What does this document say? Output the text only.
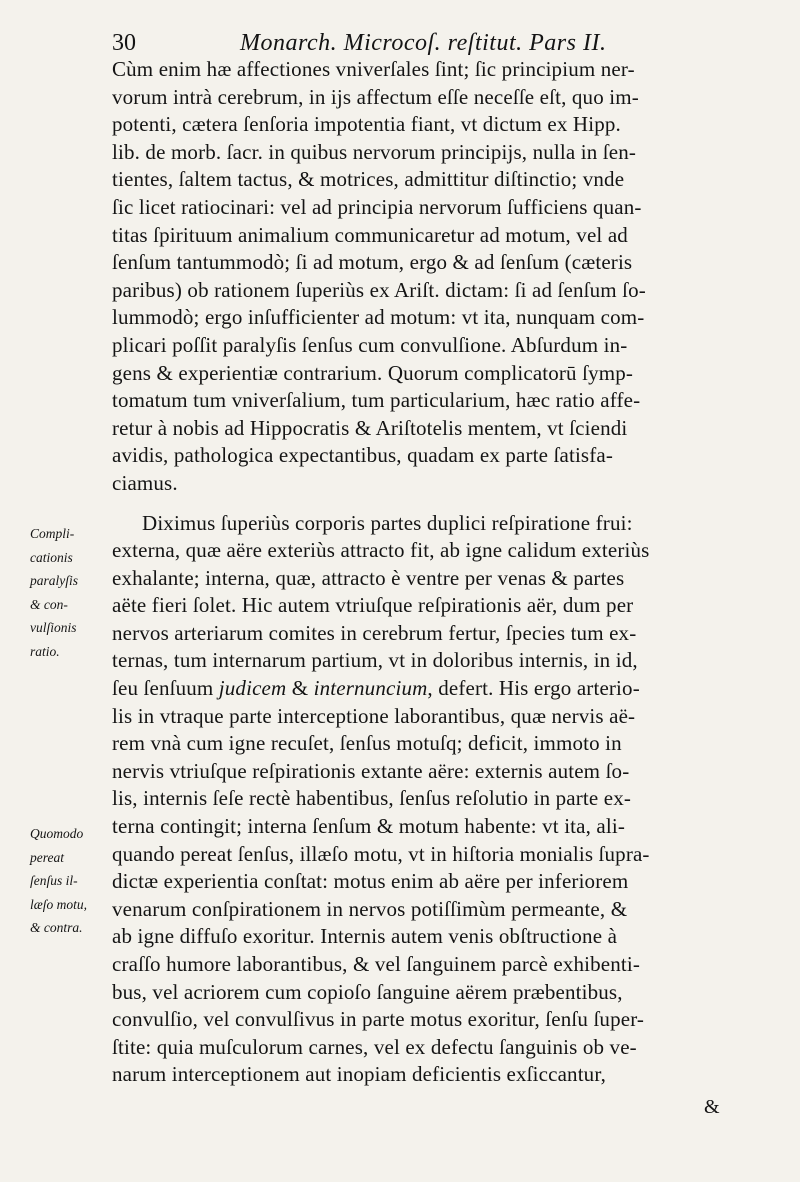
30	Monarch. Microcoſ. reſtitut. Pars II.
Cùm enim hæ affectiones vniverſales ſint; ſic principium ner-
vorum intrà cerebrum, in ijs affectum eſſe neceſſe eſt, quo im-
potenti, cætera ſenſoria impotentia fiant, vt dictum ex Hipp.
lib. de morb. ſacr. in quibus nervorum principijs, nulla in ſen-
tientes, ſaltem tactus, & motrices, admittitur diſtinctio; vnde
ſic licet ratiocinari: vel ad principia nervorum ſufficiens quan-
titas ſpirituum animalium communicaretur ad motum, vel ad
ſenſum tantummodò; ſi ad motum, ergo & ad ſenſum (cæteris
paribus) ob rationem ſuperiùs ex Ariſt. dictam: ſi ad ſenſum ſo-
lummodò; ergo inſufficienter ad motum: vt ita, nunquam com-
plicari poſſit paralyſis ſenſus cum convulſione. Abſurdum in-
gens & experientiæ contrarium. Quorum complicatorū ſymp-
tomatum tum vniverſalium, tum particularium, hæc ratio affe-
retur à nobis ad Hippocratis & Ariſtotelis mentem, vt ſciendi
avidis, pathologica expectantibus, quadam ex parte ſatisfa-
ciamus.
Diximus ſuperiùs corporis partes duplici reſpiratione frui:
externa, quæ aëre exteriùs attracto fit, ab igne calidum exteriùs
exhalante; interna, quæ, attracto è ventre per venas & partes
aëte fieri ſolet. Hic autem vtriuſque reſpirationis aër, dum per
nervos arteriarum comites in cerebrum fertur, ſpecies tum ex-
ternas, tum internarum partium, vt in doloribus internis, in id,
ſeu ſenſuum judicem & internuncium, defert. His ergo arterio-
lis in vtraque parte interceptione laborantibus, quæ nervis aë-
rem vnà cum igne recuſet, ſenſus motuſq; deficit, immoto in
nervis vtriuſque reſpirationis extante aëre: externis autem ſo-
lis, internis ſeſe rectè habentibus, ſenſus reſolutio in parte ex-
terna contingit; interna ſenſum & motum habente: vt ita, ali-
quando pereat ſenſus, illæſo motu, vt in hiſtoria monialis ſupra-
dictæ experientia conſtat: motus enim ab aëre per inferiorem
venarum conſpirationem in nervos potiſſimùm permeante, &
ab igne diffuſo exoritur. Internis autem venis obſtructione à
craſſo humore laborantibus, & vel ſanguinem parcè exhibenti-
bus, vel acriorem cum copioſo ſanguine aërem præbentibus,
convulſio, vel convulſivus in parte motus exoritur, ſenſu ſuper-
ſtite: quia muſculorum carnes, vel ex defectu ſanguinis ob ve-
narum interceptionem aut inopiam deficientis exſiccantur,
Compli-
cationis
paralyſis
& con-
vulſionis
ratio.
Quomodo
pereat
ſenſus il-
læſo motu,
& contra.
&
